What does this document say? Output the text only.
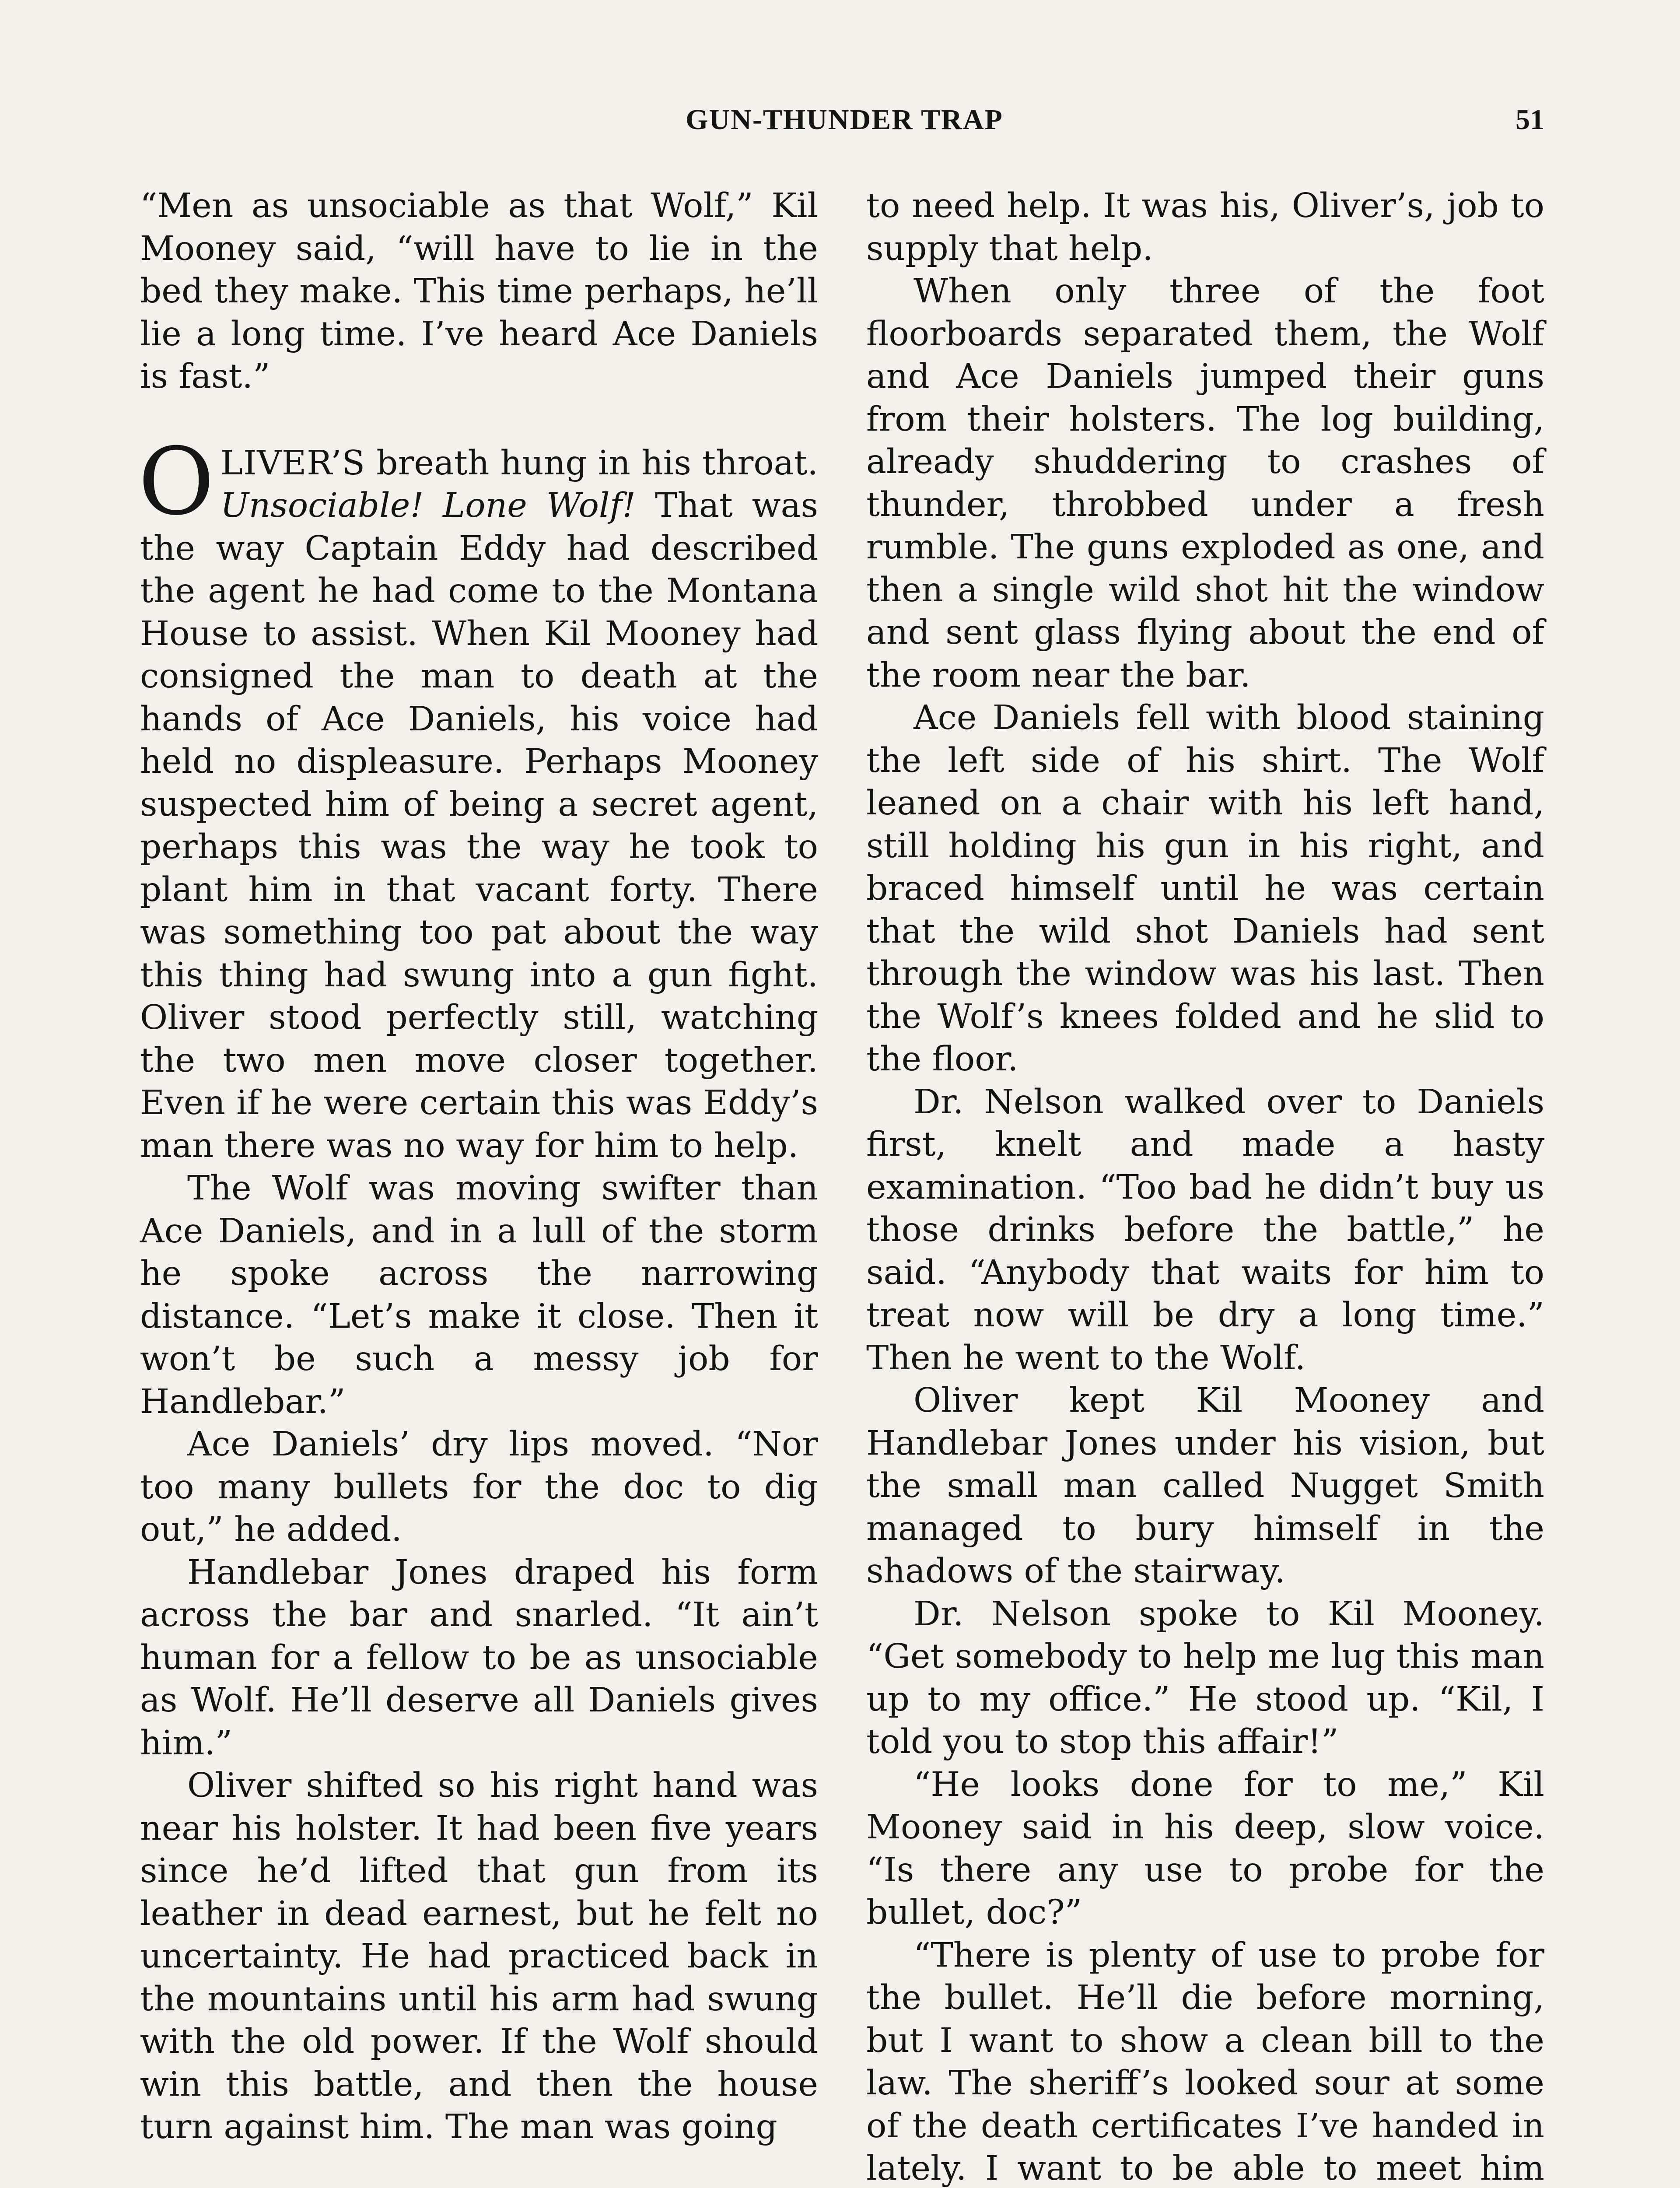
GUN-THUNDER TRAP	51

“Men as unsociable as that Wolf,” Kil Mooney said, “will have to lie in the bed they make. This time perhaps, he’ll lie a long time. I’ve heard Ace Daniels is fast.”

OLIVER’S breath hung in his throat. Unsociable! Lone Wolf! That was the way Captain Eddy had described the agent he had come to the Montana House to assist. When Kil Mooney had consigned the man to death at the hands of Ace Daniels, his voice had held no displeasure. Perhaps Mooney suspected him of being a secret agent, perhaps this was the way he took to plant him in that vacant forty. There was something too pat about the way this thing had swung into a gun fight. Oliver stood perfectly still, watching the two men move closer together. Even if he were certain this was Eddy’s man there was no way for him to help.

The Wolf was moving swifter than Ace Daniels, and in a lull of the storm he spoke across the narrowing distance. “Let’s make it close. Then it won’t be such a messy job for Handlebar.”

Ace Daniels’ dry lips moved. “Nor too many bullets for the doc to dig out,” he added.

Handlebar Jones draped his form across the bar and snarled. “It ain’t human for a fellow to be as unsociable as Wolf. He’ll deserve all Daniels gives him.”

Oliver shifted so his right hand was near his holster. It had been five years since he’d lifted that gun from its leather in dead earnest, but he felt no uncertainty. He had practiced back in the mountains until his arm had swung with the old power. If the Wolf should win this battle, and then the house turn against him. The man was going

to need help. It was his, Oliver’s, job to supply that help.

When only three of the foot floorboards separated them, the Wolf and Ace Daniels jumped their guns from their holsters. The log building, already shuddering to crashes of thunder, throbbed under a fresh rumble. The guns exploded as one, and then a single wild shot hit the window and sent glass flying about the end of the room near the bar.

Ace Daniels fell with blood staining the left side of his shirt. The Wolf leaned on a chair with his left hand, still holding his gun in his right, and braced himself until he was certain that the wild shot Daniels had sent through the window was his last. Then the Wolf’s knees folded and he slid to the floor.

Dr. Nelson walked over to Daniels first, knelt and made a hasty examination. “Too bad he didn’t buy us those drinks before the battle,” he said. “Anybody that waits for him to treat now will be dry a long time.” Then he went to the Wolf.

Oliver kept Kil Mooney and Handlebar Jones under his vision, but the small man called Nugget Smith managed to bury himself in the shadows of the stairway.

Dr. Nelson spoke to Kil Mooney. “Get somebody to help me lug this man up to my office.” He stood up. “Kil, I told you to stop this affair!”

“He looks done for to me,” Kil Mooney said in his deep, slow voice. “Is there any use to probe for the bullet, doc?”

“There is plenty of use to probe for the bullet. He’ll die before morning, but I want to show a clean bill to the law. The sheriff’s looked sour at some of the death certificates I’ve handed in lately. I want to be able to meet him
